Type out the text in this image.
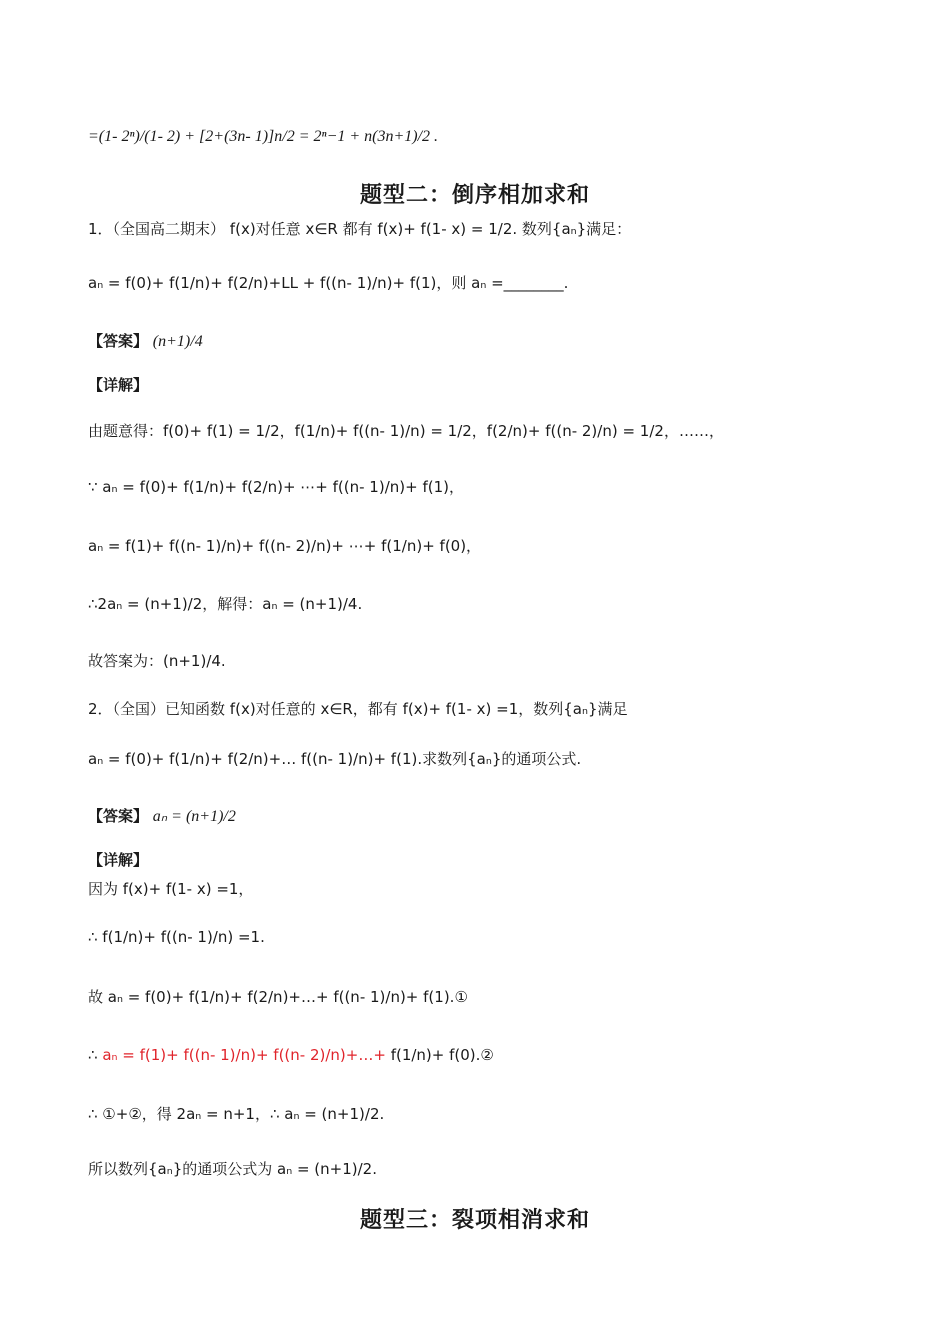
=(1- 2ⁿ)/(1- 2) + [2+(3n- 1)]n/2 = 2ⁿ−1 + n(3n+1)/2 .
题型二：倒序相加求和
1．（全国高二期末） f(x)对任意 x∈R 都有 f(x)+ f(1- x) = 1/2. 数列{aₙ}满足：
aₙ = f(0)+ f(1/n)+ f(2/n)+LL + f((n- 1)/n)+ f(1)，则 aₙ =________.
【答案】 (n+1)/4
【详解】
由题意得：f(0)+ f(1) = 1/2，f(1/n)+ f((n- 1)/n) = 1/2，f(2/n)+ f((n- 2)/n) = 1/2，……，
∵ aₙ = f(0)+ f(1/n)+ f(2/n)+ ⋯+ f((n- 1)/n)+ f(1)，
aₙ = f(1)+ f((n- 1)/n)+ f((n- 2)/n)+ ⋯+ f(1/n)+ f(0)，
∴2aₙ = (n+1)/2，解得：aₙ = (n+1)/4.
故答案为：(n+1)/4.
2．（全国）已知函数 f(x)对任意的 x∈R，都有 f(x)+ f(1- x) =1，数列{aₙ}满足
aₙ = f(0)+ f(1/n)+ f(2/n)+… f((n- 1)/n)+ f(1).求数列{aₙ}的通项公式.
【答案】 aₙ = (n+1)/2
【详解】
因为 f(x)+ f(1- x) =1，
∴ f(1/n)+ f((n- 1)/n) =1.
故 aₙ = f(0)+ f(1/n)+ f(2/n)+…+ f((n- 1)/n)+ f(1).①
∴ aₙ = f(1)+ f((n- 1)/n)+ f((n- 2)/n)+…+ f(1/n)+ f(0).②
∴ ①+②，得 2aₙ = n+1，∴ aₙ = (n+1)/2.
所以数列{aₙ}的通项公式为 aₙ = (n+1)/2.
题型三：裂项相消求和
